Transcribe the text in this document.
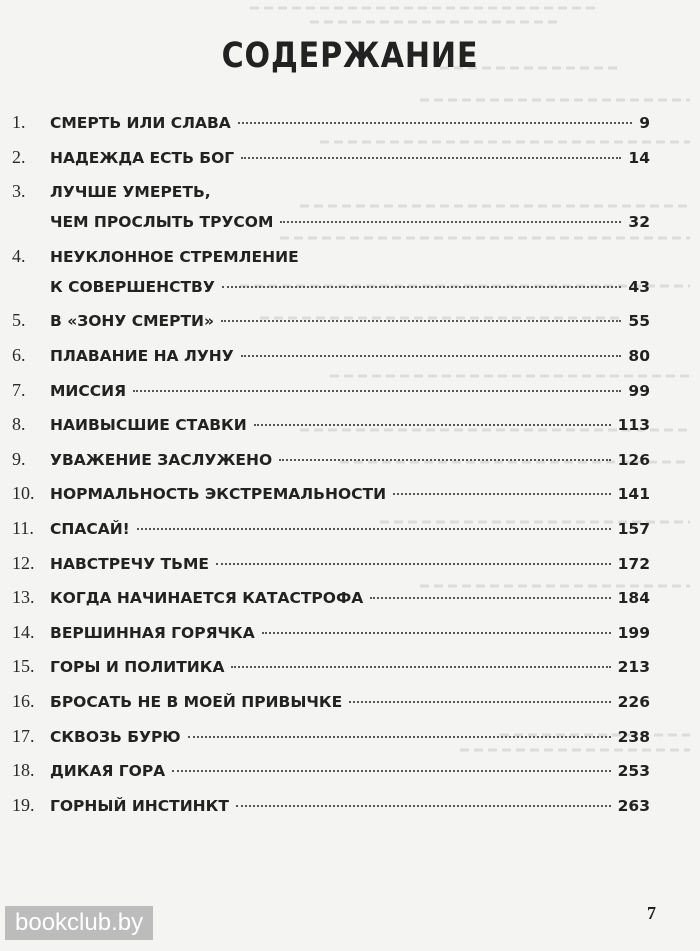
СОДЕРЖАНИЕ
1.	СМЕРТЬ ИЛИ СЛАВА	9
2.	НАДЕЖДА ЕСТЬ БОГ	14
3.	ЛУЧШЕ УМЕРЕТЬ,
ЧЕМ ПРОСЛЫТЬ ТРУСОМ	32
4.	НЕУКЛОННОЕ СТРЕМЛЕНИЕ
К СОВЕРШЕНСТВУ	43
5.	В «ЗОНУ СМЕРТИ»	55
6.	ПЛАВАНИЕ НА ЛУНУ	80
7.	МИССИЯ	99
8.	НАИВЫСШИЕ СТАВКИ	113
9.	УВАЖЕНИЕ ЗАСЛУЖЕНО	126
10.	НОРМАЛЬНОСТЬ ЭКСТРЕМАЛЬНОСТИ	141
11.	СПАСАЙ!	157
12.	НАВСТРЕЧУ ТЬМЕ	172
13.	КОГДА НАЧИНАЕТСЯ КАТАСТРОФА	184
14.	ВЕРШИННАЯ ГОРЯЧКА	199
15.	ГОРЫ И ПОЛИТИКА	213
16.	БРОСАТЬ НЕ В МОЕЙ ПРИВЫЧКЕ	226
17.	СКВОЗЬ БУРЮ	238
18.	ДИКАЯ ГОРА	253
19.	ГОРНЫЙ ИНСТИНКТ	263
7
bookclub.by
